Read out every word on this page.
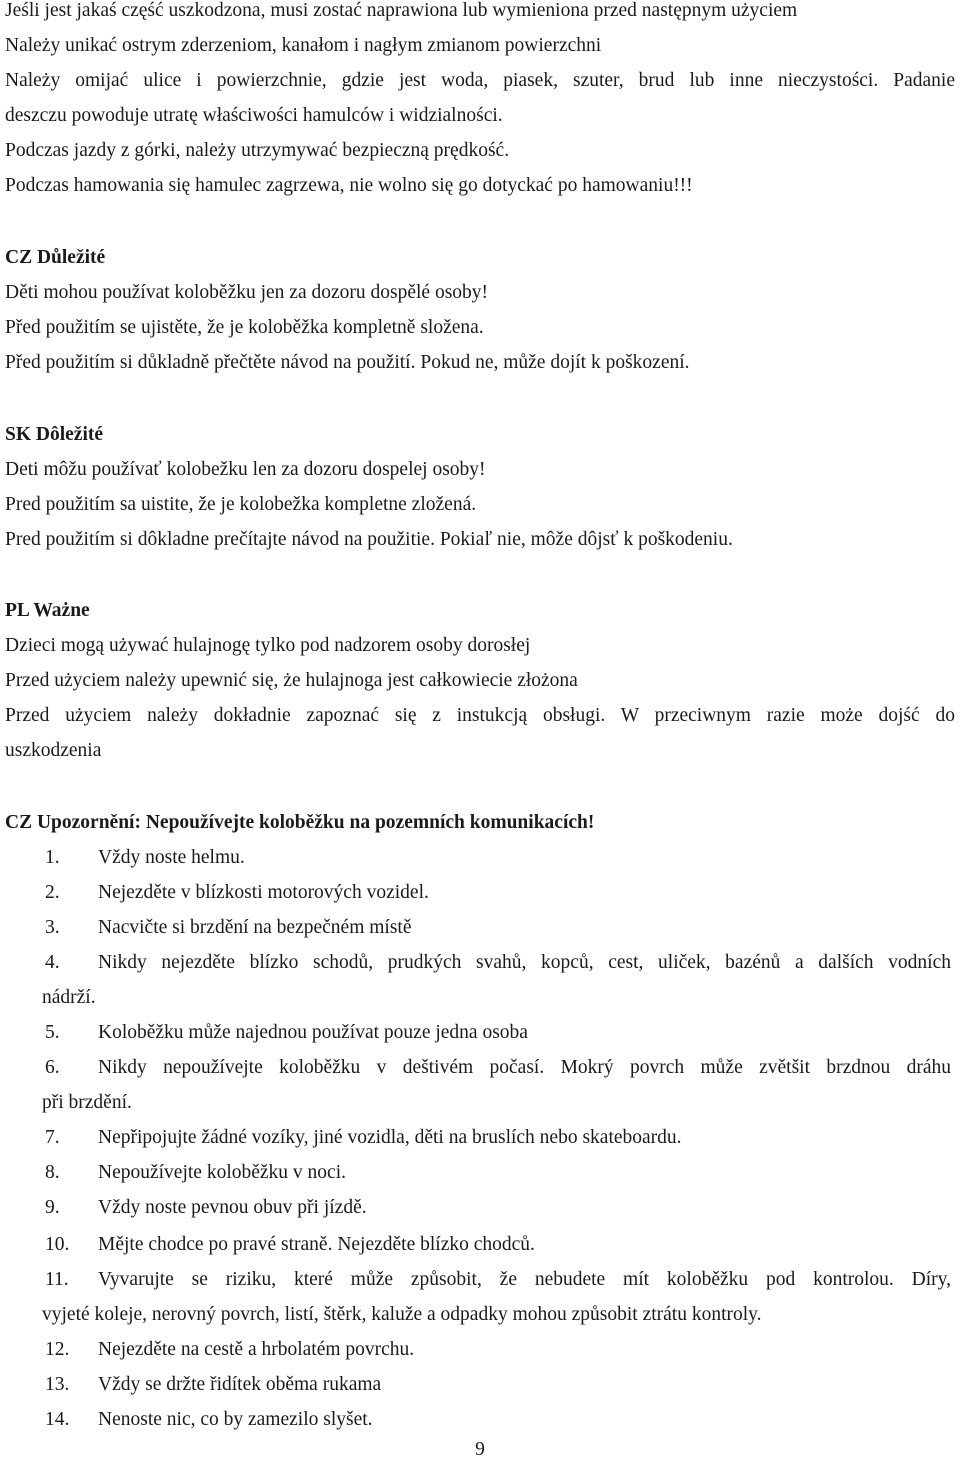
Jeśli jest jakaś część uszkodzona, musi zostać naprawiona lub wymieniona przed następnym użyciem
Należy unikać ostrym zderzeniom, kanałom i nagłym zmianom powierzchni
Należy omijać ulice i powierzchnie, gdzie jest woda, piasek, szuter, brud lub inne nieczystości. Padanie
deszczu powoduje utratę właściwości hamulców i widzialności.
Podczas jazdy z górki, należy utrzymywać bezpieczną prędkość.
Podczas hamowania się hamulec zagrzewa, nie wolno się go dotyckać po hamowaniu!!!
CZ Důležité
Děti mohou používat koloběžku jen za dozoru dospělé osoby!
Před použitím se ujistěte, že je koloběžka kompletně složena.
Před použitím si důkladně přečtěte návod na použití. Pokud ne, může dojít k poškození.
SK Dôležité
Deti môžu používať kolobežku len za dozoru dospelej osoby!
Pred použitím sa uistite, že je kolobežka kompletne zložená.
Pred použitím si dôkladne prečítajte návod na použitie. Pokiaľ nie, môže dôjsť k poškodeniu.
PL Ważne
Dzieci mogą używać hulajnogę tylko pod nadzorem osoby dorosłej
Przed użyciem należy upewnić się, że hulajnoga jest całkowiecie złożona
Przed użyciem należy dokładnie zapoznać się z instukcją obsługi. W przeciwnym razie może dojść do
uszkodzenia
CZ Upozornění: Nepoužívejte koloběžku na pozemních komunikacích!
1. Vždy noste helmu.
2. Nejezděte v blízkosti motorových vozidel.
3. Nacvičte si brzdění na bezpečném místě
4. Nikdy nejezděte blízko schodů, prudkých svahů, kopců, cest, uliček, bazénů a dalších vodních
nádrží.
5. Koloběžku může najednou používat pouze jedna osoba
6. Nikdy nepoužívejte koloběžku v deštivém počasí. Mokrý povrch může zvětšit brzdnou dráhu
při brzdění.
7. Nepřipojujte žádné vozíky, jiné vozidla, děti na bruslích nebo skateboardu.
8. Nepoužívejte koloběžku v noci.
9. Vždy noste pevnou obuv při jízdě.
10. Mějte chodce po pravé straně. Nejezděte blízko chodců.
11. Vyvarujte se riziku, které může způsobit, že nebudete mít koloběžku pod kontrolou. Díry,
vyjeté koleje, nerovný povrch, listí, štěrk, kaluže a odpadky mohou způsobit ztrátu kontroly.
12. Nejezděte na cestě a hrbolatém povrchu.
13. Vždy se držte řidítek oběma rukama
14. Nenoste nic, co by zamezilo slyšet.
9
